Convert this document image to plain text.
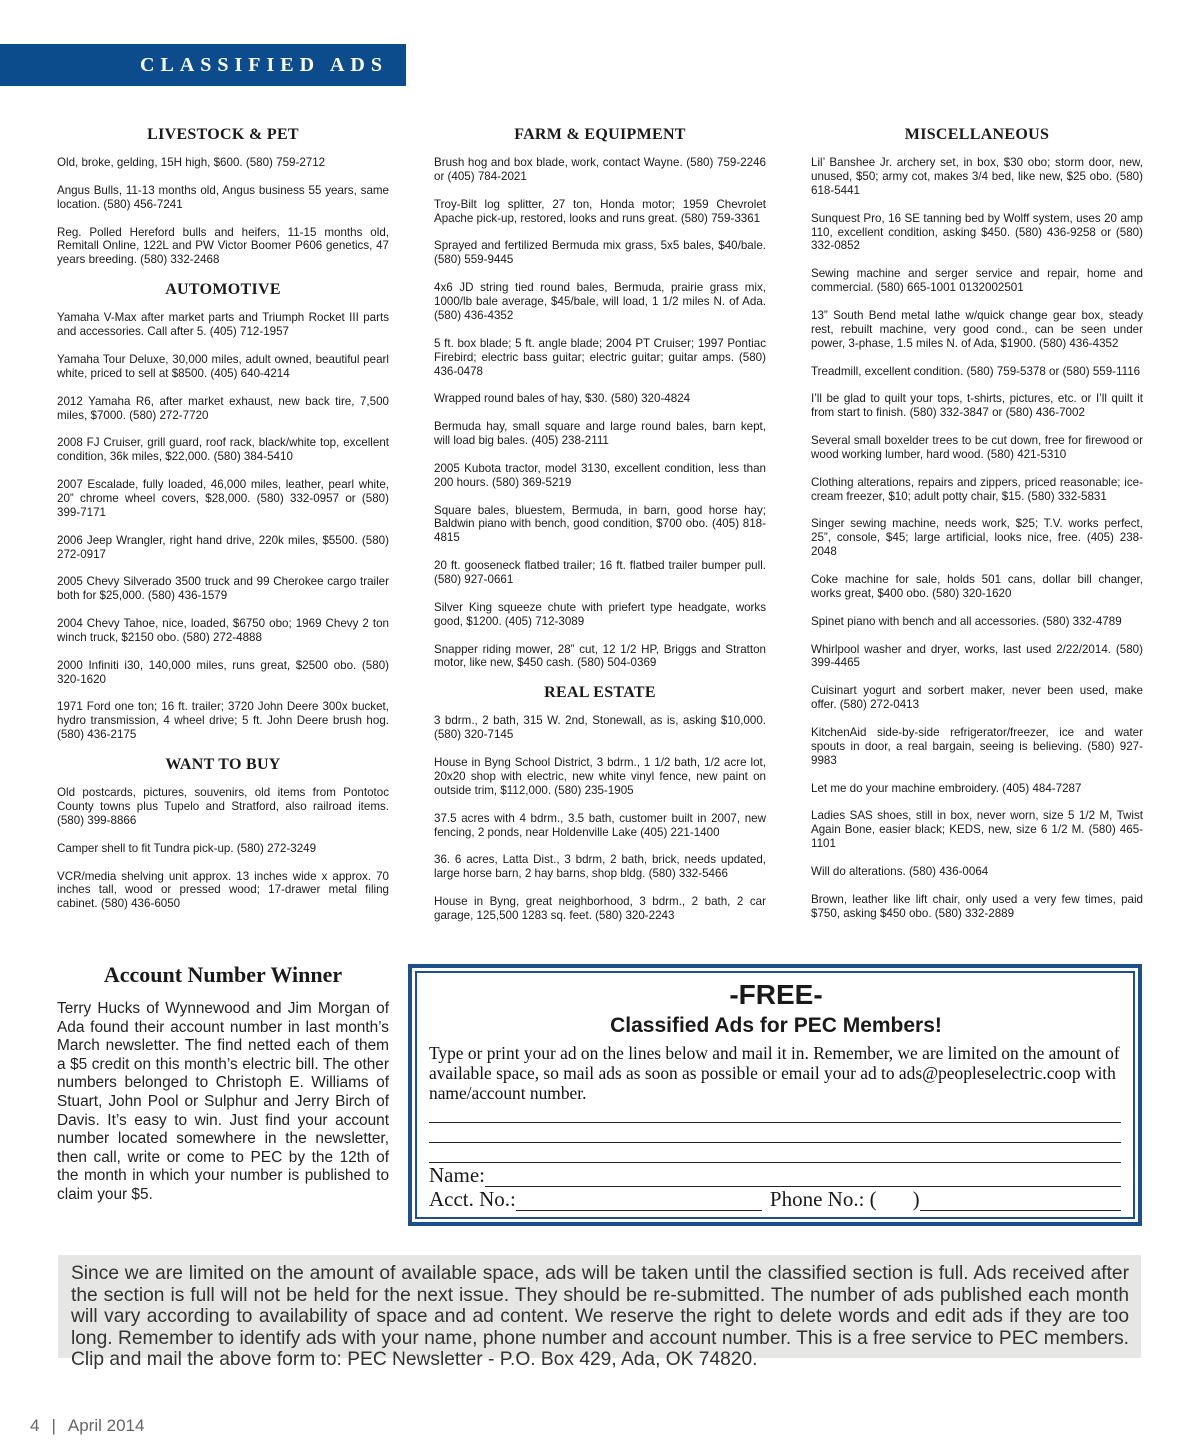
CLASSIFIED ADS
LIVESTOCK & PET
Old, broke, gelding, 15H high, $600. (580) 759-2712
Angus Bulls, 11-13 months old, Angus business 55 years, same location. (580) 456-7241
Reg. Polled Hereford bulls and heifers, 11-15 months old, Remitall Online, 122L and PW Victor Boomer P606 genetics, 47 years breeding. (580) 332-2468
AUTOMOTIVE
Yamaha V-Max after market parts and Triumph Rocket III parts and accessories. Call after 5. (405) 712-1957
Yamaha Tour Deluxe, 30,000 miles, adult owned, beautiful pearl white, priced to sell at $8500. (405) 640-4214
2012 Yamaha R6, after market exhaust, new back tire, 7,500 miles, $7000. (580) 272-7720
2008 FJ Cruiser, grill guard, roof rack, black/white top, excellent condition, 36k miles, $22,000. (580) 384-5410
2007 Escalade, fully loaded, 46,000 miles, leather, pearl white, 20” chrome wheel covers, $28,000. (580) 332-0957 or (580) 399-7171
2006 Jeep Wrangler, right hand drive, 220k miles, $5500. (580) 272-0917
2005 Chevy Silverado 3500 truck and 99 Cherokee cargo trailer both for $25,000. (580) 436-1579
2004 Chevy Tahoe, nice, loaded, $6750 obo; 1969 Chevy 2 ton winch truck, $2150 obo. (580) 272-4888
2000 Infiniti i30, 140,000 miles, runs great, $2500 obo. (580) 320-1620
1971 Ford one ton; 16 ft. trailer; 3720 John Deere 300x bucket, hydro transmission, 4 wheel drive; 5 ft. John Deere brush hog. (580) 436-2175
WANT TO BUY
Old postcards, pictures, souvenirs, old items from Pontotoc County towns plus Tupelo and Stratford, also railroad items. (580) 399-8866
Camper shell to fit Tundra pick-up. (580) 272-3249
VCR/media shelving unit approx. 13 inches wide x approx. 70 inches tall, wood or pressed wood; 17-drawer metal filing cabinet. (580) 436-6050
FARM & EQUIPMENT
Brush hog and box blade, work, contact Wayne. (580) 759-2246 or (405) 784-2021
Troy-Bilt log splitter, 27 ton, Honda motor; 1959 Chevrolet Apache pick-up, restored, looks and runs great. (580) 759-3361
Sprayed and fertilized Bermuda mix grass, 5x5 bales, $40/bale. (580) 559-9445
4x6 JD string tied round bales, Bermuda, prairie grass mix, 1000/lb bale average, $45/bale, will load, 1 1/2 miles N. of Ada. (580) 436-4352
5 ft. box blade; 5 ft. angle blade; 2004 PT Cruiser; 1997 Pontiac Firebird; electric bass guitar; electric guitar; guitar amps. (580) 436-0478
Wrapped round bales of hay, $30. (580) 320-4824
Bermuda hay, small square and large round bales, barn kept, will load big bales. (405) 238-2111
2005 Kubota tractor, model 3130, excellent condition, less than 200 hours. (580) 369-5219
Square bales, bluestem, Bermuda, in barn, good horse hay; Baldwin piano with bench, good condition, $700 obo. (405) 818-4815
20 ft. gooseneck flatbed trailer; 16 ft. flatbed trailer bumper pull. (580) 927-0661
Silver King squeeze chute with priefert type headgate, works good, $1200. (405) 712-3089
Snapper riding mower, 28” cut, 12 1/2 HP, Briggs and Stratton motor, like new, $450 cash. (580) 504-0369
REAL ESTATE
3 bdrm., 2 bath, 315 W. 2nd, Stonewall, as is, asking $10,000. (580) 320-7145
House in Byng School District, 3 bdrm., 1 1/2 bath, 1/2 acre lot, 20x20 shop with electric, new white vinyl fence, new paint on outside trim, $112,000. (580) 235-1905
37.5 acres with 4 bdrm., 3.5 bath, customer built in 2007, new fencing, 2 ponds, near Holdenville Lake (405) 221-1400
36. 6 acres, Latta Dist., 3 bdrm, 2 bath, brick, needs updated, large horse barn, 2 hay barns, shop bldg. (580) 332-5466
House in Byng, great neighborhood, 3 bdrm., 2 bath, 2 car garage, 125,500 1283 sq. feet. (580) 320-2243
MISCELLANEOUS
Lil’ Banshee Jr. archery set, in box, $30 obo; storm door, new, unused, $50; army cot, makes 3/4 bed, like new, $25 obo. (580) 618-5441
Sunquest Pro, 16 SE tanning bed by Wolff system, uses 20 amp 110, excellent condition, asking $450. (580) 436-9258 or (580) 332-0852
Sewing machine and serger service and repair, home and commercial. (580) 665-1001 0132002501
13” South Bend metal lathe w/quick change gear box, steady rest, rebuilt machine, very good cond., can be seen under power, 3-phase, 1.5 miles N. of Ada, $1900. (580) 436-4352
Treadmill, excellent condition. (580) 759-5378 or (580) 559-1116
I’ll be glad to quilt your tops, t-shirts, pictures, etc. or I’ll quilt it from start to finish. (580) 332-3847 or (580) 436-7002
Several small boxelder trees to be cut down, free for firewood or wood working lumber, hard wood. (580) 421-5310
Clothing alterations, repairs and zippers, priced reasonable; ice-cream freezer, $10; adult potty chair, $15. (580) 332-5831
Singer sewing machine, needs work, $25; T.V. works perfect, 25”, console, $45; large artificial, looks nice, free. (405) 238-2048
Coke machine for sale, holds 501 cans, dollar bill changer, works great, $400 obo. (580) 320-1620
Spinet piano with bench and all accessories. (580) 332-4789
Whirlpool washer and dryer, works, last used 2/22/2014. (580) 399-4465
Cuisinart yogurt and sorbert maker, never been used, make offer. (580) 272-0413
KitchenAid side-by-side refrigerator/freezer, ice and water spouts in door, a real bargain, seeing is believing. (580) 927-9983
Let me do your machine embroidery. (405) 484-7287
Ladies SAS shoes, still in box, never worn, size 5 1/2 M, Twist Again Bone, easier black; KEDS, new, size 6 1/2 M. (580) 465-1101
Will do alterations. (580) 436-0064
Brown, leather like lift chair, only used a very few times, paid $750, asking $450 obo. (580) 332-2889
Account Number Winner
Terry Hucks of Wynnewood and Jim Morgan of Ada found their account number in last month’s March newsletter. The find netted each of them a $5 credit on this month’s electric bill. The other numbers belonged to Christoph E. Williams of Stuart, John Pool or Sulphur and Jerry Birch of Davis. It’s easy to win. Just find your account number located somewhere in the newsletter, then call, write or come to PEC by the 12th of the month in which your number is published to claim your $5.
-FREE-
Classified Ads for PEC Members!
Type or print your ad on the lines below and mail it in. Remember, we are limited on the amount of available space, so mail ads as soon as possible or email your ad to ads@peopleselectric.coop with name/account number.
Name:
Acct. No.:	Phone No.: ( )
Since we are limited on the amount of available space, ads will be taken until the classified section is full. Ads received after the section is full will not be held for the next issue. They should be re-submitted. The number of ads published each month will vary according to availability of space and ad content. We reserve the right to delete words and edit ads if they are too long. Remember to identify ads with your name, phone number and account number. This is a free service to PEC members. Clip and mail the above form to: PEC Newsletter - P.O. Box 429, Ada, OK 74820.
4 | April 2014
